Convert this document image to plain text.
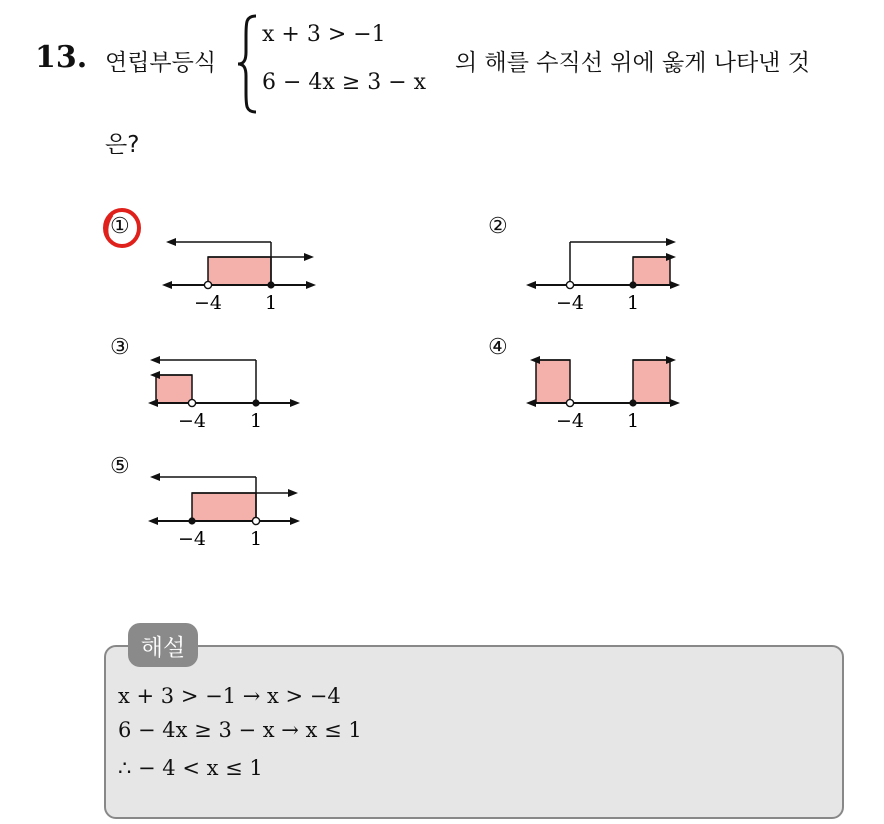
13. 연립부등식
x + 3 > −1
6 − 4x ≥ 3 − x
의 해를 수직선 위에 옳게 나타낸 것
은?
①
−4 1
②
−4 1
③
−4 1
④
−4 1
⑤
−4 1
해설
x + 3 > −1 → x > −4
6 − 4x ≥ 3 − x → x ≤ 1
∴ − 4 < x ≤ 1
